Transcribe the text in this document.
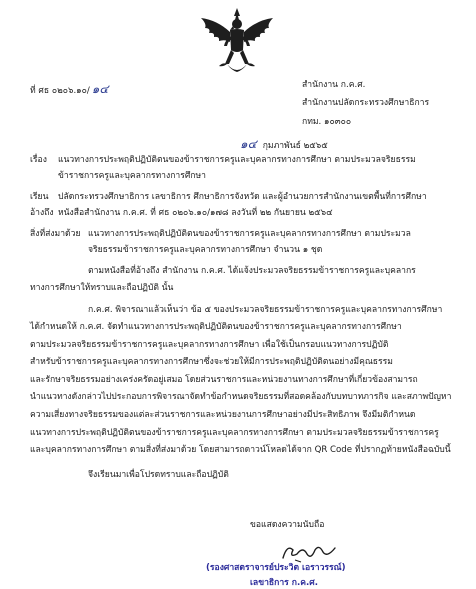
ที่ ศธ ๐๒๐๖.๑๐/ ๑๔	สำนักงาน ก.ค.ศ.
สำนักงานปลัดกระทรวงศึกษาธิการ
กทม. ๑๐๓๐๐
๑๔ กุมภาพันธ์ ๒๕๖๕
เรื่อง แนวทางการประพฤติปฏิบัติตนของข้าราชการครูและบุคลากรทางการศึกษา ตามประมวลจริยธรรม
ข้าราชการครูและบุคลากรทางการศึกษา
เรียน ปลัดกระทรวงศึกษาธิการ เลขาธิการ ศึกษาธิการจังหวัด และผู้อำนวยการสำนักงานเขตพื้นที่การศึกษา
อ้างถึง หนังสือสำนักงาน ก.ค.ศ. ที่ ศธ ๐๒๐๖.๑๐/๑๗๘ ลงวันที่ ๒๒ กันยายน ๒๕๖๔
สิ่งที่ส่งมาด้วย แนวทางการประพฤติปฏิบัติตนของข้าราชการครูและบุคลากรทางการศึกษา ตามประมวล
จริยธรรมข้าราชการครูและบุคลากรทางการศึกษา จำนวน ๑ ชุด
ตามหนังสือที่อ้างถึง สำนักงาน ก.ค.ศ. ได้แจ้งประมวลจริยธรรมข้าราชการครูและบุคลากร
ทางการศึกษาให้ทราบและถือปฏิบัติ นั้น
ก.ค.ศ. พิจารณาแล้วเห็นว่า ข้อ ๕ ของประมวลจริยธรรมข้าราชการครูและบุคลากรทางการศึกษา
ได้กำหนดให้ ก.ค.ศ. จัดทำแนวทางการประพฤติปฏิบัติตนของข้าราชการครูและบุคลากรทางการศึกษา
ตามประมวลจริยธรรมข้าราชการครูและบุคลากรทางการศึกษา เพื่อใช้เป็นกรอบแนวทางการปฏิบัติ
สำหรับข้าราชการครูและบุคลากรทางการศึกษาซึ่งจะช่วยให้มีการประพฤติปฏิบัติตนอย่างมีคุณธรรม
และรักษาจริยธรรมอย่างเคร่งครัดอยู่เสมอ โดยส่วนราชการและหน่วยงานทางการศึกษาที่เกี่ยวข้องสามารถ
นำแนวทางดังกล่าวไปประกอบการพิจารณาจัดทำข้อกำหนดจริยธรรมที่สอดคล้องกับบทบาทภารกิจ และสภาพปัญหา
ความเสี่ยงทางจริยธรรมของแต่ละส่วนราชการและหน่วยงานการศึกษาอย่างมีประสิทธิภาพ จึงมีมติกำหนด
แนวทางการประพฤติปฏิบัติตนของข้าราชการครูและบุคลากรทางการศึกษา ตามประมวลจริยธรรมข้าราชการครู
และบุคลากรทางการศึกษา ตามสิ่งที่ส่งมาด้วย โดยสามารถดาวน์โหลดได้จาก QR Code ที่ปรากฏท้ายหนังสือฉบับนี้
จึงเรียนมาเพื่อโปรดทราบและถือปฏิบัติ
ขอแสดงความนับถือ
(รองศาสตราจารย์ประวิต เอราวรรณ์)
เลขาธิการ ก.ค.ศ.
